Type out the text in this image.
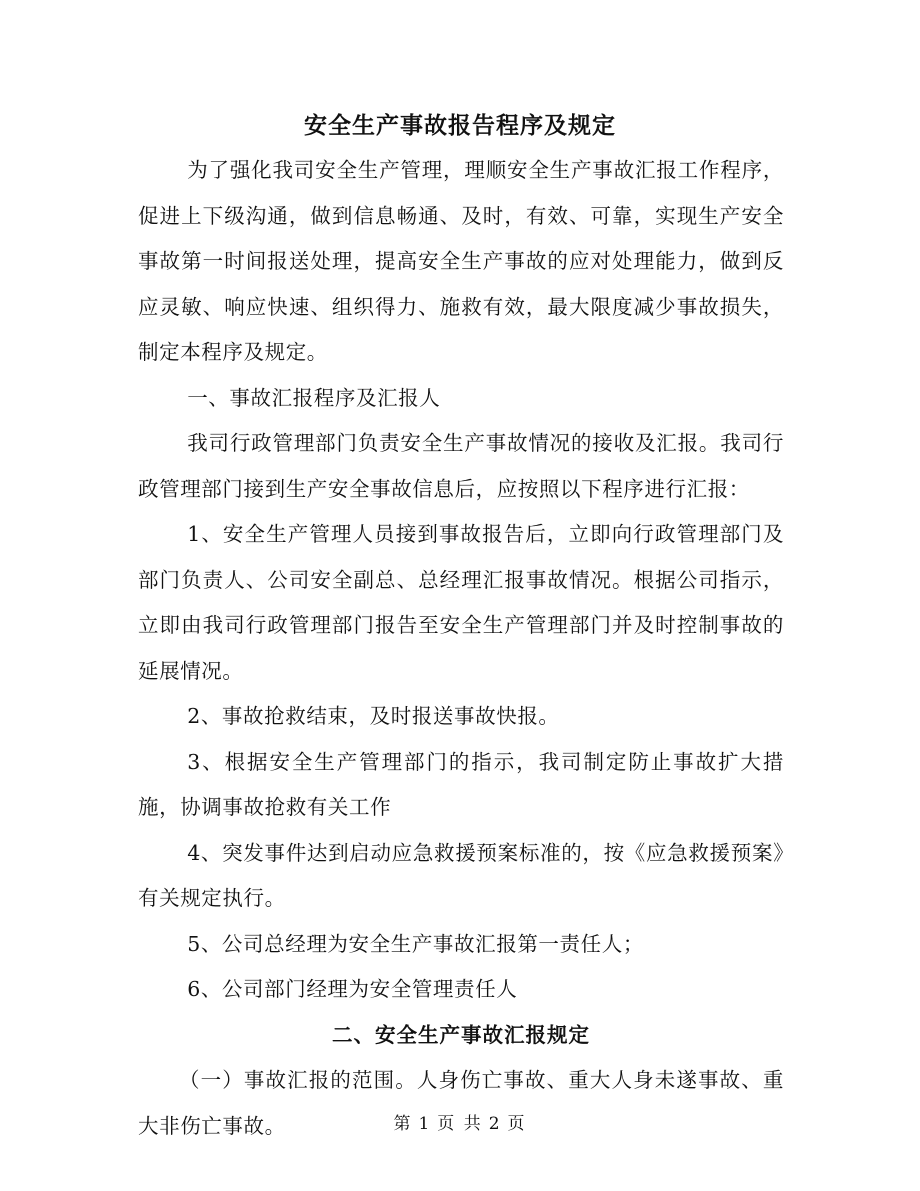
安全生产事故报告程序及规定

为了强化我司安全生产管理，理顺安全生产事故汇报工作程序，促进上下级沟通，做到信息畅通、及时，有效、可靠，实现生产安全事故第一时间报送处理，提高安全生产事故的应对处理能力，做到反应灵敏、响应快速、组织得力、施救有效，最大限度减少事故损失，制定本程序及规定。

一、事故汇报程序及汇报人

我司行政管理部门负责安全生产事故情况的接收及汇报。我司行政管理部门接到生产安全事故信息后，应按照以下程序进行汇报：

1、安全生产管理人员接到事故报告后，立即向行政管理部门及部门负责人、公司安全副总、总经理汇报事故情况。根据公司指示，立即由我司行政管理部门报告至安全生产管理部门并及时控制事故的延展情况。

2、事故抢救结束，及时报送事故快报。

3、根据安全生产管理部门的指示，我司制定防止事故扩大措施，协调事故抢救有关工作

4、突发事件达到启动应急救援预案标准的，按《应急救援预案》有关规定执行。

5、公司总经理为安全生产事故汇报第一责任人；

6、公司部门经理为安全管理责任人

二、安全生产事故汇报规定

（一）事故汇报的范围。人身伤亡事故、重大人身未遂事故、重大非伤亡事故。	第 1 页 共 2 页
